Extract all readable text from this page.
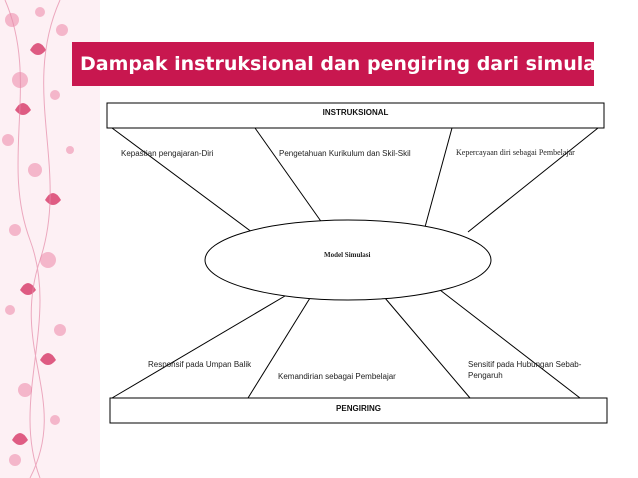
Dampak instruksional dan pengiring dari simulasi
INSTRUKSIONAL
PENGIRING
Model Simulasi
Kepastian pengajaran-Diri	Pengetahuan Kurikulum dan Skil-Skil	Kepercayaan diri sebagai Pembelajar
Responsif pada Umpan Balik
Kemandirian sebagai Pembelajar
Sensitif pada Hubungan Sebab-
Pengaruh
